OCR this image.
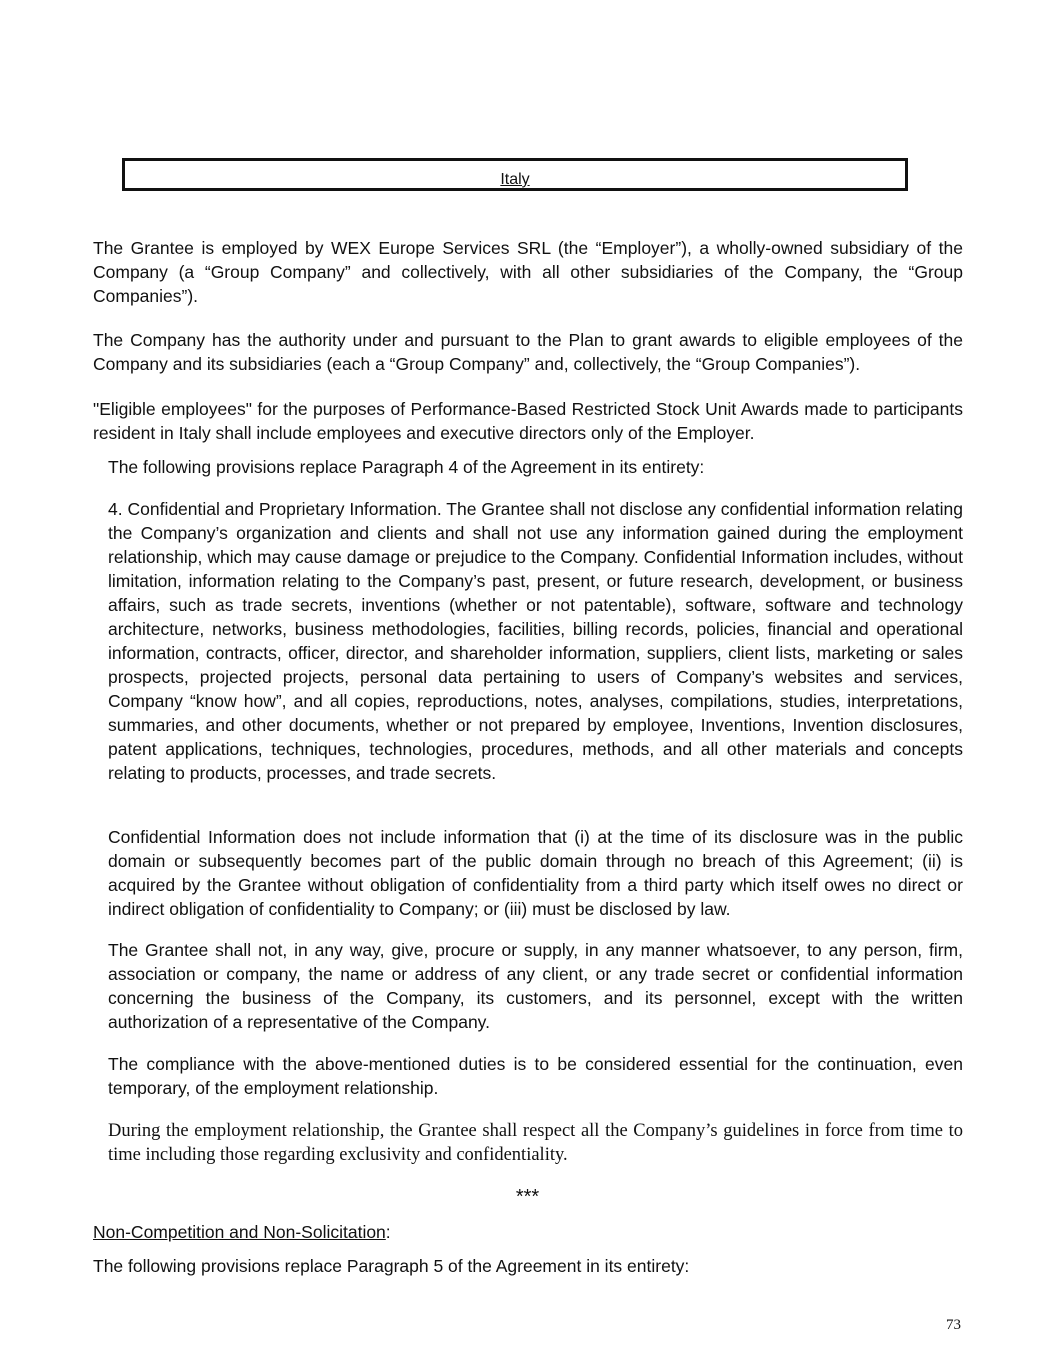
Italy

The Grantee is employed by WEX Europe Services SRL (the “Employer”), a wholly-owned subsidiary of the Company (a “Group Company” and collectively, with all other subsidiaries of the Company, the “Group Companies”).

The Company has the authority under and pursuant to the Plan to grant awards to eligible employees of the Company and its subsidiaries (each a “Group Company” and, collectively, the “Group Companies”).

"Eligible employees" for the purposes of Performance-Based Restricted Stock Unit Awards made to participants resident in Italy shall include employees and executive directors only of the Employer.

The following provisions replace Paragraph 4 of the Agreement in its entirety:

4. Confidential and Proprietary Information. The Grantee shall not disclose any confidential information relating the Company’s organization and clients and shall not use any information gained during the employment relationship, which may cause damage or prejudice to the Company. Confidential Information includes, without limitation, information relating to the Company’s past, present, or future research, development, or business affairs, such as trade secrets, inventions (whether or not patentable), software, software and technology architecture, networks, business methodologies, facilities, billing records, policies, financial and operational information, contracts, officer, director, and shareholder information, suppliers, client lists, marketing or sales prospects, projected projects, personal data pertaining to users of Company’s websites and services, Company “know how”, and all copies, reproductions, notes, analyses, compilations, studies, interpretations, summaries, and other documents, whether or not prepared by employee, Inventions, Invention disclosures, patent applications, techniques, technologies, procedures, methods, and all other materials and concepts relating to products, processes, and trade secrets.

Confidential Information does not include information that (i) at the time of its disclosure was in the public domain or subsequently becomes part of the public domain through no breach of this Agreement; (ii) is acquired by the Grantee without obligation of confidentiality from a third party which itself owes no direct or indirect obligation of confidentiality to Company; or (iii) must be disclosed by law.

The Grantee shall not, in any way, give, procure or supply, in any manner whatsoever, to any person, firm, association or company, the name or address of any client, or any trade secret or confidential information concerning the business of the Company, its customers, and its personnel, except with the written authorization of a representative of the Company.

The compliance with the above-mentioned duties is to be considered essential for the continuation, even temporary, of the employment relationship.

During the employment relationship, the Grantee shall respect all the Company’s guidelines in force from time to time including those regarding exclusivity and confidentiality.

***
Non-Competition and Non-Solicitation:

The following provisions replace Paragraph 5 of the Agreement in its entirety:

73
